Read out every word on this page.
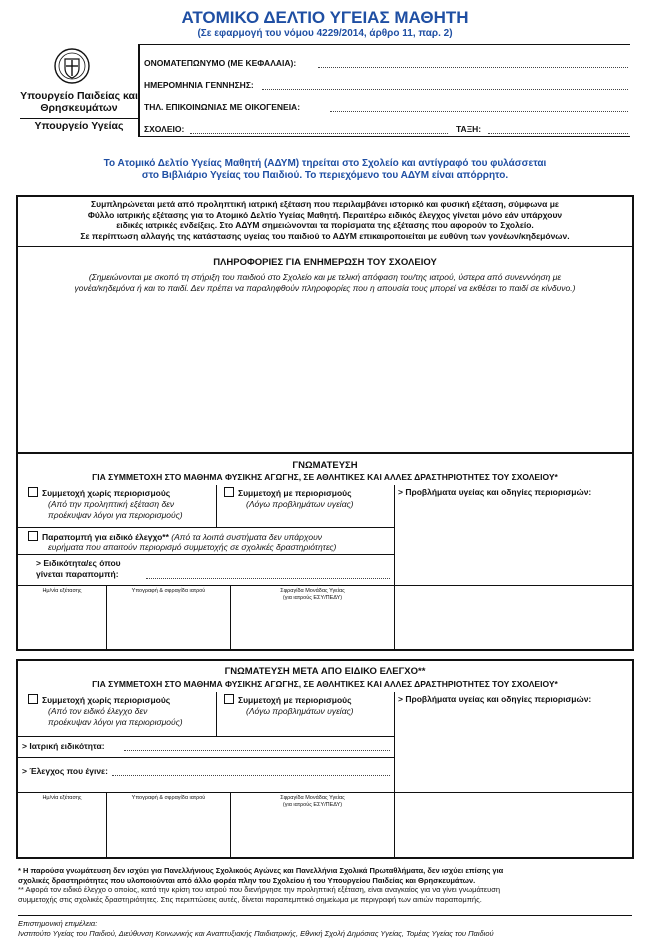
ΑΤΟΜΙΚΟ ΔΕΛΤΙΟ ΥΓΕΙΑΣ ΜΑΘΗΤΗ
(Σε εφαρμογή του νόμου 4229/2014, άρθρο 11, παρ. 2)
Υπουργείο Παιδείας και Θρησκευμάτων
Υπουργείο Υγείας
ΟΝΟΜΑΤΕΠΩΝΥΜΟ (ΜΕ ΚΕΦΑΛΑΙΑ):
ΗΜΕΡΟΜΗΝΙΑ ΓΕΝΝΗΣΗΣ:
ΤΗΛ. ΕΠΙΚΟΙΝΩΝΙΑΣ ΜΕ ΟΙΚΟΓΕΝΕΙΑ:
ΣΧΟΛΕΙΟ:	ΤΑΞΗ:
Το Ατομικό Δελτίο Υγείας Μαθητή (ΑΔΥΜ) τηρείται στο Σχολείο και αντίγραφό του φυλάσσεται
στο Βιβλιάριο Υγείας του Παιδιού. Το περιεχόμενο του ΑΔΥΜ είναι απόρρητο.
Συμπληρώνεται μετά από προληπτική ιατρική εξέταση που περιλαμβάνει ιστορικό και φυσική εξέταση, σύμφωνα με
Φύλλο ιατρικής εξέτασης για το Ατομικό Δελτίο Υγείας Μαθητή. Περαιτέρω ειδικός έλεγχος γίνεται μόνο εάν υπάρχουν
ειδικές ιατρικές ενδείξεις. Στο ΑΔΥΜ σημειώνονται τα πορίσματα της εξέτασης που αφορούν το Σχολείο.
Σε περίπτωση αλλαγής της κατάστασης υγείας του παιδιού το ΑΔΥΜ επικαιροποιείται με ευθύνη των γονέων/κηδεμόνων.
ΠΛΗΡΟΦΟΡΙΕΣ ΓΙΑ ΕΝΗΜΕΡΩΣΗ ΤΟΥ ΣΧΟΛΕΙΟΥ
(Σημειώνονται με σκοπό τη στήριξη του παιδιού στο Σχολείο και με τελική απόφαση του/της ιατρού, ύστερα από συνεννόηση με
γονέα/κηδεμόνα ή και το παιδί. Δεν πρέπει να παραληφθούν πληροφορίες που η απουσία τους μπορεί να εκθέσει το παιδί σε κίνδυνο.)
ΓΝΩΜΑΤΕΥΣΗ
ΓΙΑ ΣΥΜΜΕΤΟΧΗ ΣΤΟ ΜΑΘΗΜΑ ΦΥΣΙΚΗΣ ΑΓΩΓΗΣ, ΣΕ ΑΘΛΗΤΙΚΕΣ ΚΑΙ ΑΛΛΕΣ ΔΡΑΣΤΗΡΙΟΤΗΤΕΣ ΤΟΥ ΣΧΟΛΕΙΟΥ*
Συμμετοχή χωρίς περιορισμούς
(Από την προληπτική εξέταση δεν
προέκυψαν λόγοι για περιορισμούς)
Συμμετοχή με περιορισμούς
(Λόγω προβλημάτων υγείας)
> Προβλήματα υγείας και οδηγίες περιορισμών:
Παραπομπή για ειδικό έλεγχο** (Από τα λοιπά συστήματα δεν υπάρχουν
ευρήματα που απαιτούν περιορισμό συμμετοχής σε σχολικές δραστηριότητες)
> Ειδικότητα/ες όπου
γίνεται παραπομπή:
Ημ/νία εξέτασης	Υπογραφή & σφραγίδα ιατρού	Σφραγίδα Μονάδας Υγείας
(για ιατρούς ΕΣΥ/ΠΕΔΥ)
ΓΝΩΜΑΤΕΥΣΗ ΜΕΤΑ ΑΠΟ ΕΙΔΙΚΟ ΕΛΕΓΧΟ**
ΓΙΑ ΣΥΜΜΕΤΟΧΗ ΣΤΟ ΜΑΘΗΜΑ ΦΥΣΙΚΗΣ ΑΓΩΓΗΣ, ΣΕ ΑΘΛΗΤΙΚΕΣ ΚΑΙ ΑΛΛΕΣ ΔΡΑΣΤΗΡΙΟΤΗΤΕΣ ΤΟΥ ΣΧΟΛΕΙΟΥ*
Συμμετοχή χωρίς περιορισμούς
(Από τον ειδικό έλεγχο δεν
προέκυψαν λόγοι για περιορισμούς)
Συμμετοχή με περιορισμούς
(Λόγω προβλημάτων υγείας)
> Προβλήματα υγείας και οδηγίες περιορισμών:
> Ιατρική ειδικότητα:
> Έλεγχος που έγινε:
Ημ/νία εξέτασης	Υπογραφή & σφραγίδα ιατρού	Σφραγίδα Μονάδας Υγείας
(για ιατρούς ΕΣΥ/ΠΕΔΥ)
* Η παρούσα γνωμάτευση δεν ισχύει για Πανελλήνιους Σχολικούς Αγώνες και Πανελλήνια Σχολικά Πρωταθλήματα, δεν ισχύει επίσης για
σχολικές δραστηριότητες που υλοποιούνται από άλλο φορέα πλην του Σχολείου ή του Υπουργείου Παιδείας και Θρησκευμάτων.
** Αφορά τον ειδικό έλεγχο ο οποίος, κατά την κρίση του ιατρού που διενήργησε την προληπτική εξέταση, είναι αναγκαίος για να γίνει γνωμάτευση
συμμετοχής στις σχολικές δραστηριότητες. Στις περιπτώσεις αυτές, δίνεται παραπεμπτικό σημείωμα με περιγραφή των αιτιών παραπομπής.
Επιστημονική επιμέλεια:
Ινστιτούτο Υγείας του Παιδιού, Διεύθυνση Κοινωνικής και Αναπτυξιακής Παιδιατρικής, Εθνική Σχολή Δημόσιας Υγείας, Τομέας Υγείας του Παιδιού
